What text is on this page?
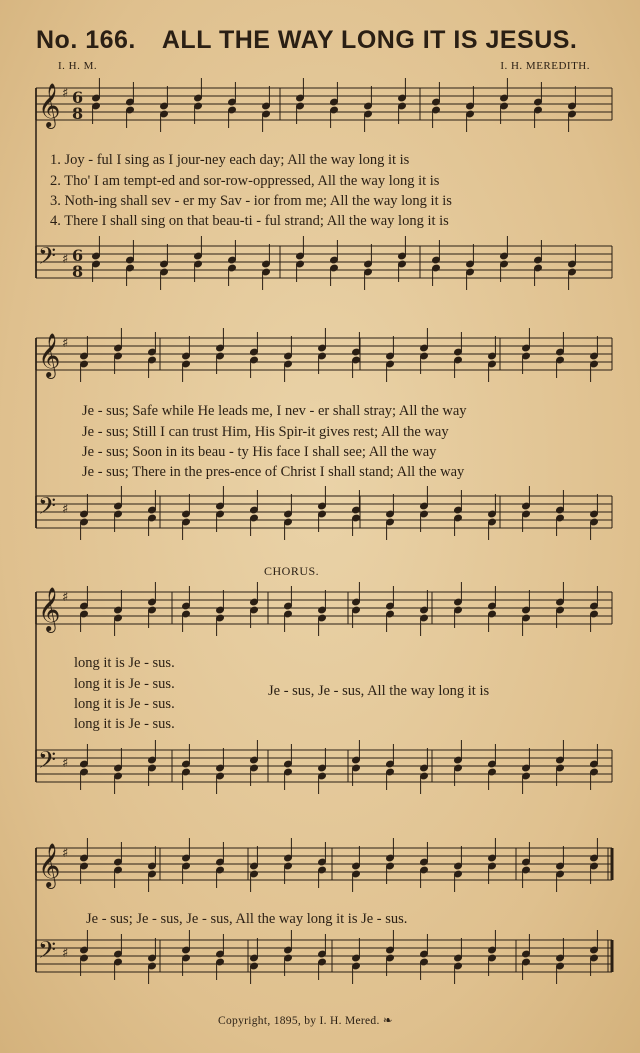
No. 166. ALL THE WAY LONG IT IS JESUS.
I. H. M.	I. H. MEREDITH.
1. Joy - ful I sing as I jour-ney each day; All the way long it is
2. Tho' I am tempt-ed and sor-row-oppressed, All the way long it is
3. Noth-ing shall sev - er my Sav - ior from me; All the way long it is
4. There I shall sing on that beau-ti - ful strand; All the way long it is
Je - sus; Safe while He leads me, I nev - er shall stray; All the way
Je - sus; Still I can trust Him, His Spir-it gives rest; All the way
Je - sus; Soon in its beau - ty His face I shall see; All the way
Je - sus; There in the pres-ence of Christ I shall stand; All the way
CHORUS.
long it is Je - sus.
long it is Je - sus.
long it is Je - sus.
long it is Je - sus.
Je - sus, Je - sus, All the way long it is
Je - sus; Je - sus, Je - sus, All the way long it is Je - sus.
Copyright, 1895, by I. H. Mered. ❧
𝄞 ♯ 6
8
𝄢 ♯ 6
8
𝄞 ♯
𝄢 ♯
𝄞 ♯
𝄢 ♯
𝄞 ♯
𝄢 ♯
